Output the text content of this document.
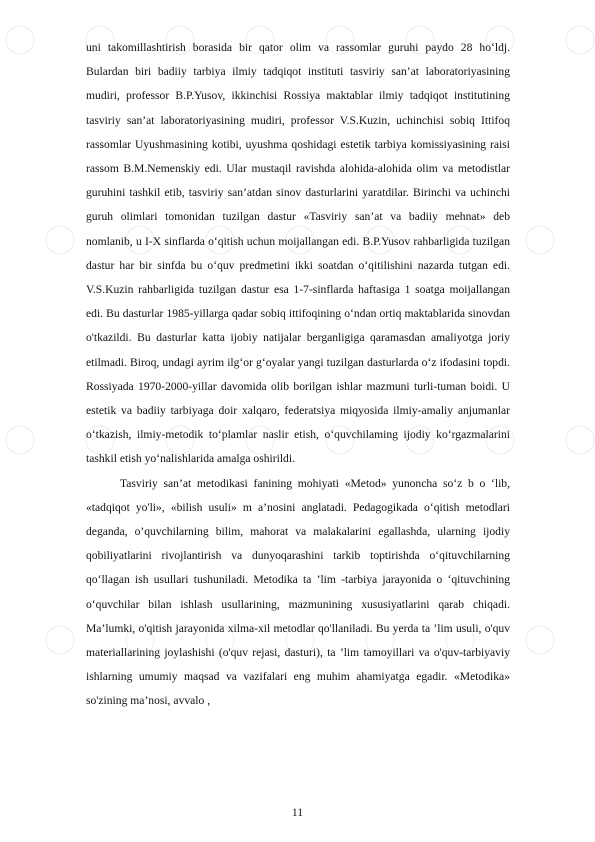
uni takomillashtirish borasida bir qator olim va rassomlar guruhi paydo 28 ho‘ldj. Bulardan biri badiiy tarbiya ilmiy tadqiqot instituti tasviriy san’at laboratoriyasining mudiri, professor B.P.Yusov, ikkinchisi Rossiya maktablar ilmiy tadqiqot institutining tasviriy san’at laboratoriyasining mudiri, professor V.S.Kuzin, uchinchisi sobiq Ittifoq rassomlar Uyushmasining kotibi, uyushma qoshidagi estetik tarbiya komissiyasining raisi rassom B.M.Nemenskiy edi. Ular mustaqil ravishda alohida-alohida olim va metodistlar guruhini tashkil etib, tasviriy san’atdan sinov dasturlarini yaratdilar. Birinchi va uchinchi guruh olimlari tomonidan tuzilgan dastur «Tasviriy san’at va badiiy mehnat» deb nomlanib, u I-X sinflarda o‘qitish uchun moijallangan edi. B.P.Yusov rahbarligida tuzilgan dastur har bir sinfda bu o‘quv predmetini ikki soatdan o‘qitilishini nazarda tutgan edi. V.S.Kuzin rahbarligida tuzilgan dastur esa 1-7-sinflarda haftasiga 1 soatga moijallangan edi. Bu dasturlar 1985-yillarga qadar sobiq ittifoqining o‘ndan ortiq maktablarida sinovdan o'tkazildi. Bu dasturlar katta ijobiy natijalar berganligiga qaramasdan amaliyotga joriy etilmadi. Biroq, undagi ayrim ilg‘or g‘oyalar yangi tuzilgan dasturlarda o‘z ifodasini topdi. Rossiyada 1970-2000-yillar davomida olib borilgan ishlar mazmuni turli-tuman boidi. U estetik va badiiy tarbiyaga doir xalqaro, federatsiya miqyosida ilmiy-amaliy anjumanlar o‘tkazish, ilmiy-metodik to‘plamlar naslir etish, o‘quvchilaming ijodiy ko‘rgazmalarini tashkil etish yo‘nalishlarida amalga oshirildi.

Tasviriy san’at metodikasi fanining mohiyati «Metod» yunoncha so‘z b o ‘lib, «tadqiqot yo'li», «bilish usuli» m a’nosini anglatadi. Pedagogikada o‘qitish metodlari deganda, o’quvchilarning bilim, mahorat va malakalarini egallashda, ularning ijodiy qobiliyatlarini rivojlantirish va dunyoqarashini tarkib toptirishda o‘qituvchilarning qo‘llagan ish usullari tushuniladi. Metodika ta ’lim -tarbiya jarayonida o ‘qituvchining o‘quvchilar bilan ishlash usullarining, mazmunining xususiyatlarini qarab chiqadi. Ma’lumki, o'qitish jarayonida xilma-xil metodlar qo'llaniladi. Bu yerda ta ’lim usuli, o'quv materiallarining joylashishi (o'quv rejasi, dasturi), ta ’lim tamoyillari va o'quv-tarbiyaviy ishlarning umumiy maqsad va vazifalari eng muhim ahamiyatga egadir. «Metodika» so'zining ma’nosi, avvalo ,

11
